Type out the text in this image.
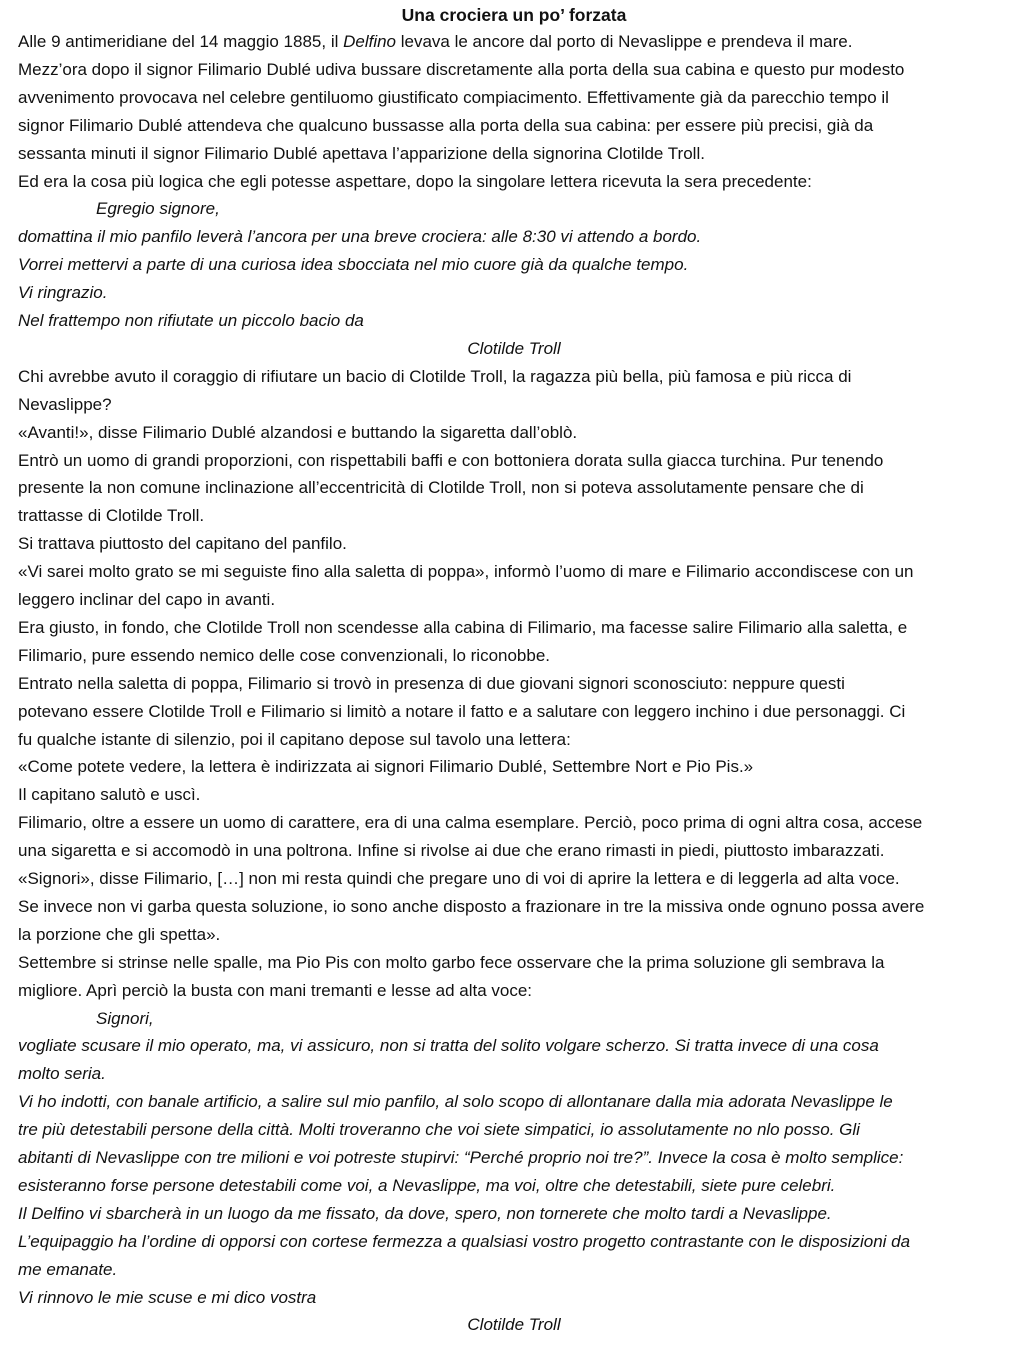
Una crociera un po’ forzata
Alle 9 antimeridiane del 14 maggio 1885, il Delfino levava le ancore dal porto di Nevaslippe e prendeva il mare.
Mezz’ora dopo il signor Filimario Dublé udiva bussare discretamente alla porta della sua cabina e questo pur modesto
avvenimento provocava nel celebre gentiluomo giustificato compiacimento. Effettivamente già da parecchio tempo il
signor Filimario Dublé attendeva che qualcuno bussasse alla porta della sua cabina: per essere più precisi, già da
sessanta minuti il signor Filimario Dublé apettava l’apparizione della signorina Clotilde Troll.
Ed era la cosa più logica che egli potesse aspettare, dopo la singolare lettera ricevuta la sera precedente:
Egregio signore,
domattina il mio panfilo leverà l’ancora per una breve crociera: alle 8:30 vi attendo a bordo.
Vorrei mettervi a parte di una curiosa idea sbocciata nel mio cuore già da qualche tempo.
Vi ringrazio.
Nel frattempo non rifiutate un piccolo bacio da
Clotilde Troll
Chi avrebbe avuto il coraggio di rifiutare un bacio di Clotilde Troll, la ragazza più bella, più famosa e più ricca di
Nevaslippe?
«Avanti!», disse Filimario Dublé alzandosi e buttando la sigaretta dall’oblò.
Entrò un uomo di grandi proporzioni, con rispettabili baffi e con bottoniera dorata sulla giacca turchina. Pur tenendo
presente la non comune inclinazione all’eccentricità di Clotilde Troll, non si poteva assolutamente pensare che di
trattasse di Clotilde Troll.
Si trattava piuttosto del capitano del panfilo.
«Vi sarei molto grato se mi seguiste fino alla saletta di poppa», informò l’uomo di mare e Filimario accondiscese con un
leggero inclinar del capo in avanti.
Era giusto, in fondo, che Clotilde Troll non scendesse alla cabina di Filimario, ma facesse salire Filimario alla saletta, e
Filimario, pure essendo nemico delle cose convenzionali, lo riconobbe.
Entrato nella saletta di poppa, Filimario si trovò in presenza di due giovani signori sconosciuto: neppure questi
potevano essere Clotilde Troll e Filimario si limitò a notare il fatto e a salutare con leggero inchino i due personaggi. Ci
fu qualche istante di silenzio, poi il capitano depose sul tavolo una lettera:
«Come potete vedere, la lettera è indirizzata ai signori Filimario Dublé, Settembre Nort e Pio Pis.»
Il capitano salutò e uscì.
Filimario, oltre a essere un uomo di carattere, era di una calma esemplare. Perciò, poco prima di ogni altra cosa, accese
una sigaretta e si accomodò in una poltrona. Infine si rivolse ai due che erano rimasti in piedi, piuttosto imbarazzati.
«Signori», disse Filimario, […] non mi resta quindi che pregare uno di voi di aprire la lettera e di leggerla ad alta voce.
Se invece non vi garba questa soluzione, io sono anche disposto a frazionare in tre la missiva onde ognuno possa avere
la porzione che gli spetta».
Settembre si strinse nelle spalle, ma Pio Pis con molto garbo fece osservare che la prima soluzione gli sembrava la
migliore. Aprì perciò la busta con mani tremanti e lesse ad alta voce:
Signori,
vogliate scusare il mio operato, ma, vi assicuro, non si tratta del solito volgare scherzo. Si tratta invece di una cosa
molto seria.
Vi ho indotti, con banale artificio, a salire sul mio panfilo, al solo scopo di allontanare dalla mia adorata Nevaslippe le
tre più detestabili persone della città. Molti troveranno che voi siete simpatici, io assolutamente no nlo posso. Gli
abitanti di Nevaslippe con tre milioni e voi potreste stupirvi: “Perché proprio noi tre?”. Invece la cosa è molto semplice:
esisteranno forse persone detestabili come voi, a Nevaslippe, ma voi, oltre che detestabili, siete pure celebri.
Il Delfino vi sbarcherà in un luogo da me fissato, da dove, spero, non tornerete che molto tardi a Nevaslippe.
L’equipaggio ha l’ordine di opporsi con cortese fermezza a qualsiasi vostro progetto contrastante con le disposizioni da
me emanate.
Vi rinnovo le mie scuse e mi dico vostra
Clotilde Troll
